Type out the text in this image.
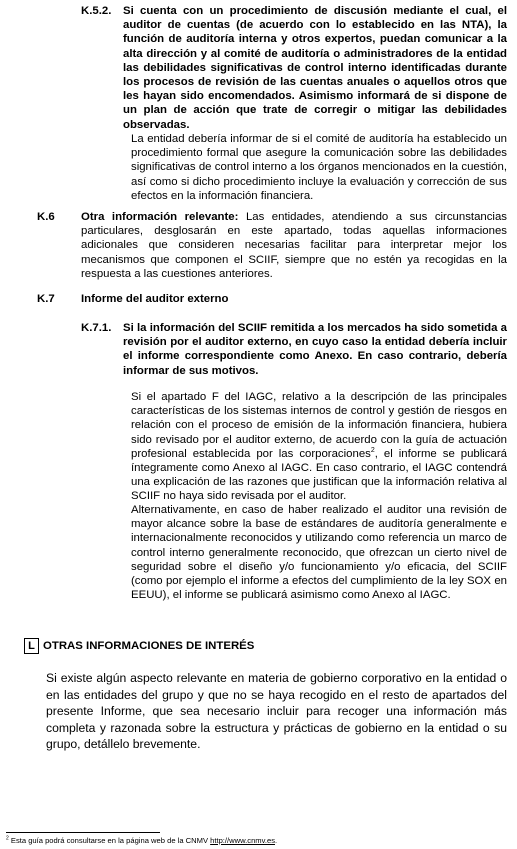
K.5.2.	Si cuenta con un procedimiento de discusión mediante el cual, el auditor de cuentas (de acuerdo con lo establecido en las NTA), la función de auditoría interna y otros expertos, puedan comunicar a la alta dirección y al comité de auditoría o administradores de la entidad las debilidades significativas de control interno identificadas durante los procesos de revisión de las cuentas anuales o aquellos otros que les hayan sido encomendados. Asimismo informará de si dispone de un plan de acción que trate de corregir o mitigar las debilidades observadas.
La entidad debería informar de si el comité de auditoría ha establecido un procedimiento formal que asegure la comunicación sobre las debilidades significativas de control interno a los órganos mencionados en la cuestión, así como si dicho procedimiento incluye la evaluación y corrección de sus efectos en la información financiera.
K.6	Otra información relevante: Las entidades, atendiendo a sus circunstancias particulares, desglosarán en este apartado, todas aquellas informaciones adicionales que consideren necesarias facilitar para interpretar mejor los mecanismos que componen el SCIIF, siempre que no estén ya recogidas en la respuesta a las cuestiones anteriores.
K.7	Informe del auditor externo
K.7.1.	Si la información del SCIIF remitida a los mercados ha sido sometida a revisión por el auditor externo, en cuyo caso la entidad debería incluir el informe correspondiente como Anexo. En caso contrario, debería informar de sus motivos.
Si el apartado F del IAGC, relativo a la descripción de las principales características de los sistemas internos de control y gestión de riesgos en relación con el proceso de emisión de la información financiera, hubiera sido revisado por el auditor externo, de acuerdo con la guía de actuación profesional establecida por las corporaciones$^2$, el informe se publicará íntegramente como Anexo al IAGC. En caso contrario, el IAGC contendrá una explicación de las razones que justifican que la información relativa al SCIIF no haya sido revisada por el auditor.
Alternativamente, en caso de haber realizado el auditor una revisión de mayor alcance sobre la base de estándares de auditoría generalmente e internacionalmente reconocidos y utilizando como referencia un marco de control interno generalmente reconocido, que ofrezcan un cierto nivel de seguridad sobre el diseño y/o funcionamiento y/o eficacia, del SCIIF (como por ejemplo el informe a efectos del cumplimiento de la ley SOX en EEUU), el informe se publicará asimismo como Anexo al IAGC.
L OTRAS INFORMACIONES DE INTERÉS
Si existe algún aspecto relevante en materia de gobierno corporativo en la entidad o en las entidades del grupo y que no se haya recogido en el resto de apartados del presente Informe, que sea necesario incluir para recoger una información más completa y razonada sobre la estructura y prácticas de gobierno en la entidad o su grupo, detállelo brevemente.
$^2$ Esta guía podrá consultarse en la página web de la CNMV http://www.cnmv.es.
